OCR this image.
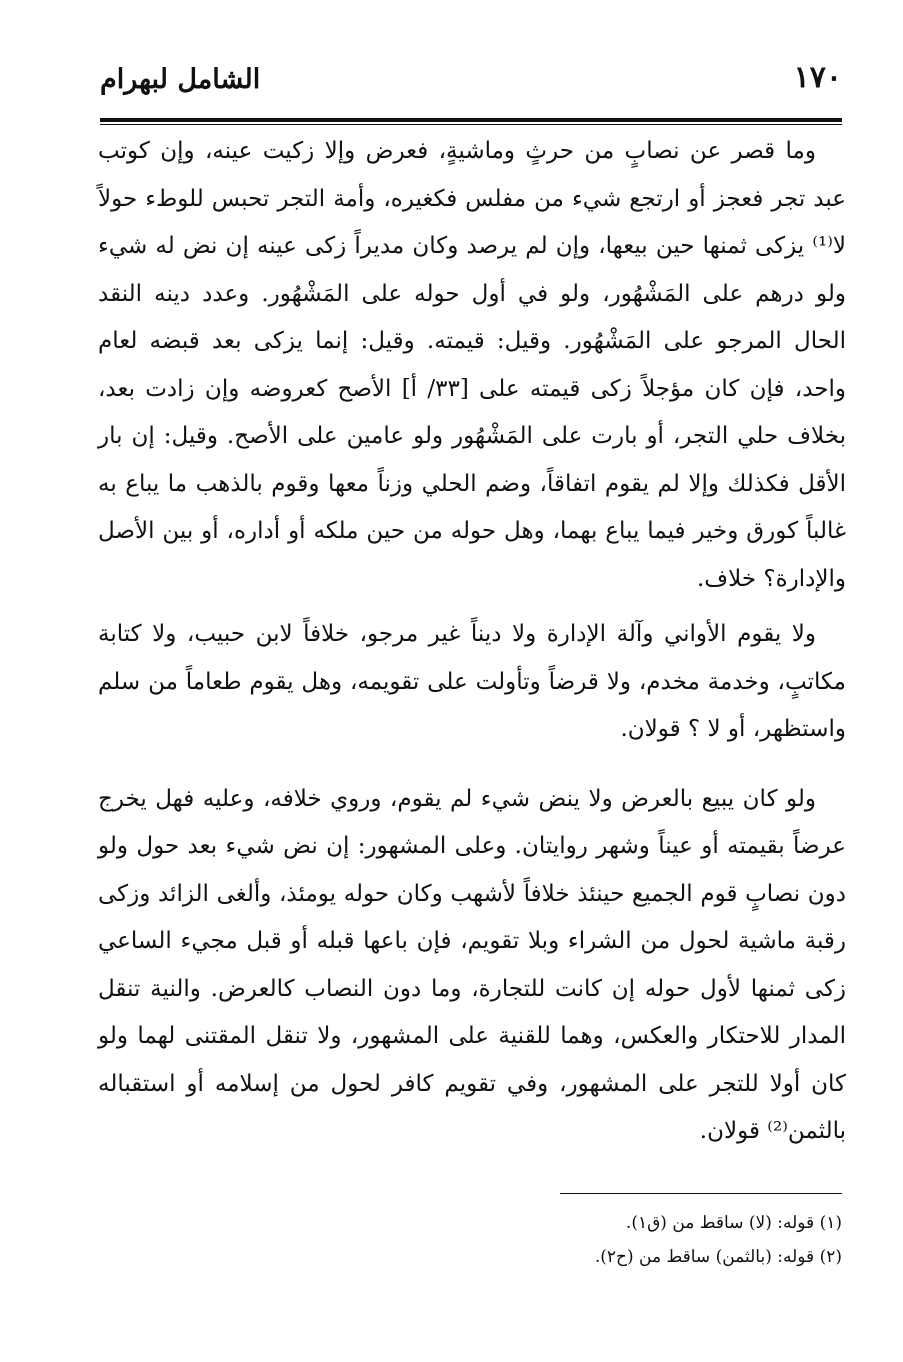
١٧٠
الشامل لبهرام

وما قصر عن نصابٍ من حرثٍ وماشيةٍ، فعرض وإلا زكيت عينه، وإن كوتب عبد تجر فعجز أو ارتجع شيء من مفلس فكغيره، وأمة التجر تحبس للوطء حولاً لا⁽¹⁾ يزكى ثمنها حين بيعها، وإن لم يرصد وكان مديراً زكى عينه إن نض له شيء ولو درهم على المَشْهُور، ولو في أول حوله على المَشْهُور. وعدد دينه النقد الحال المرجو على المَشْهُور. وقيل: قيمته. وقيل: إنما يزكى بعد قبضه لعام واحد، فإن كان مؤجلاً زكى قيمته على [٣٣/ أ] الأصح كعروضه وإن زادت بعد، بخلاف حلي التجر، أو بارت على المَشْهُور ولو عامين على الأصح. وقيل: إن بار الأقل فكذلك وإلا لم يقوم اتفاقاً، وضم الحلي وزناً معها وقوم بالذهب ما يباع به غالباً كورق وخير فيما يباع بهما، وهل حوله من حين ملكه أو أداره، أو بين الأصل والإدارة؟ خلاف.

ولا يقوم الأواني وآلة الإدارة ولا ديناً غير مرجو، خلافاً لابن حبيب، ولا كتابة مكاتبٍ، وخدمة مخدم، ولا قرضاً وتأولت على تقويمه، وهل يقوم طعاماً من سلم واستظهر، أو لا ؟ قولان.

ولو كان يبيع بالعرض ولا ينض شيء لم يقوم، وروي خلافه، وعليه فهل يخرج عرضاً بقيمته أو عيناً وشهر روايتان. وعلى المشهور: إن نض شيء بعد حول ولو دون نصابٍ قوم الجميع حينئذ خلافاً لأشهب وكان حوله يومئذ، وألغى الزائد وزكى رقبة ماشية لحول من الشراء وبلا تقويم، فإن باعها قبله أو قبل مجيء الساعي زكى ثمنها لأول حوله إن كانت للتجارة، وما دون النصاب كالعرض. والنية تنقل المدار للاحتكار والعكس، وهما للقنية على المشهور، ولا تنقل المقتنى لهما ولو كان أولا للتجر على المشهور، وفي تقويم كافر لحول من إسلامه أو استقباله بالثمن⁽²⁾ قولان.

(١) قوله: (لا) ساقط من (ق١).

(٢) قوله: (بالثمن) ساقط من (ح٢).
